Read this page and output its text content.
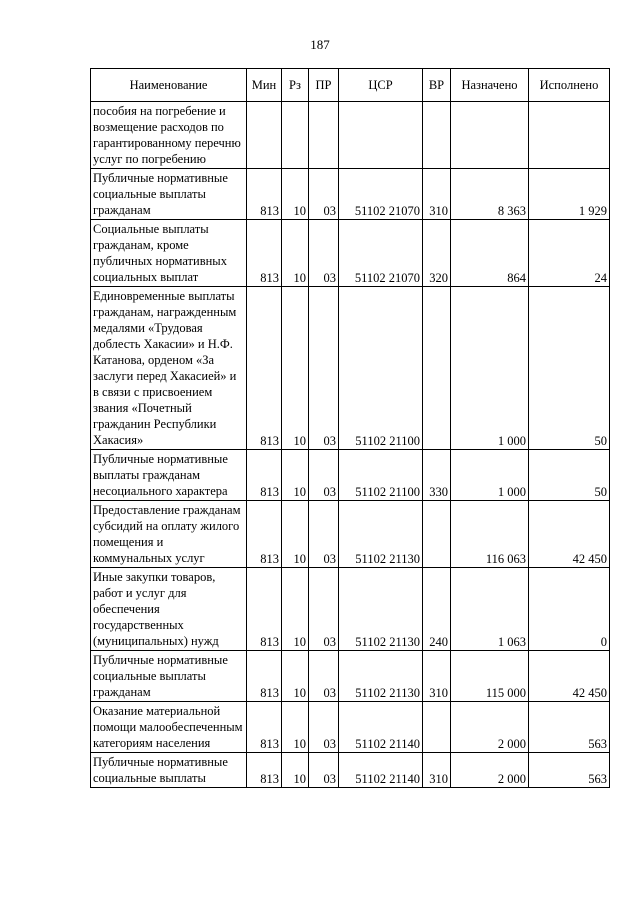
187
Наименование	Мин	Рз	ПР	ЦСР	ВР	Назначено	Исполнено
пособия на погребение и возмещение расходов по гарантированному перечню услуг по погребению							
Публичные нормативные социальные выплаты гражданам	813	10	03	51102 21070	310	8 363	1 929
Социальные выплаты гражданам, кроме публичных нормативных социальных выплат	813	10	03	51102 21070	320	864	24
Единовременные выплаты гражданам, награжденным медалями «Трудовая доблесть Хакасии» и Н.Ф. Катанова, орденом «За заслуги перед Хакасией» и в связи с присвоением звания «Почетный гражданин Республики Хакасия»	813	10	03	51102 21100		1 000	50
Публичные нормативные выплаты гражданам несоциального характера	813	10	03	51102 21100	330	1 000	50
Предоставление гражданам субсидий на оплату жилого помещения и коммунальных услуг	813	10	03	51102 21130		116 063	42 450
Иные закупки товаров, работ и услуг для обеспечения государственных (муниципальных) нужд	813	10	03	51102 21130	240	1 063	0
Публичные нормативные социальные выплаты гражданам	813	10	03	51102 21130	310	115 000	42 450
Оказание материальной помощи малообеспеченным категориям населения	813	10	03	51102 21140		2 000	563
Публичные нормативные социальные выплаты	813	10	03	51102 21140	310	2 000	563
